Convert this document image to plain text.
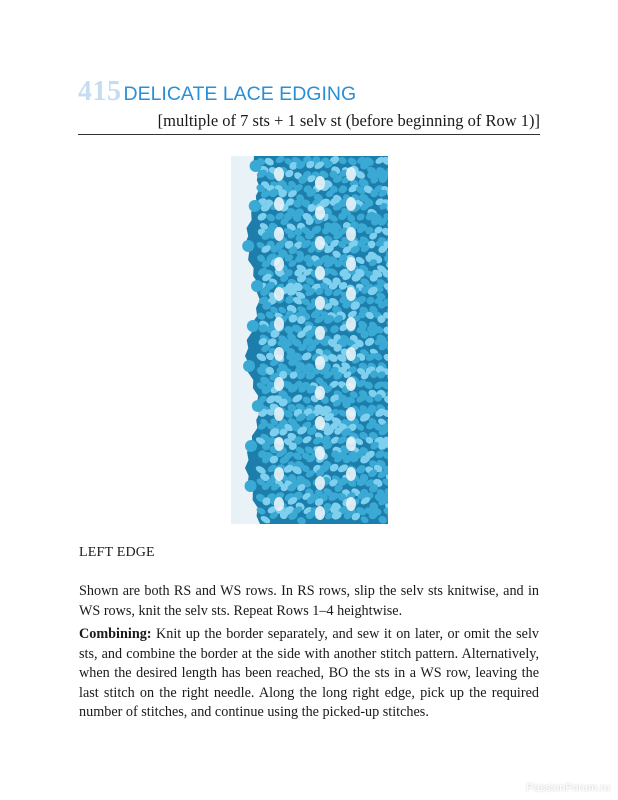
415 DELICATE LACE EDGING
[multiple of 7 sts + 1 selv st (before beginning of Row 1)]
LEFT EDGE

Shown are both RS and WS rows. In RS rows, slip the selv sts knitwise, and in WS rows, knit the selv sts. Repeat Rows 1–4 heightwise.

Combining: Knit up the border separately, and sew it on later, or omit the selv sts, and combine the border at the side with another stitch pattern. Alternatively, when the desired length has been reached, BO the sts in a WS row, leaving the last stitch on the right needle. Along the long right edge, pick up the required number of stitches, and continue using the picked-up stitches.

PassionForum.ru
